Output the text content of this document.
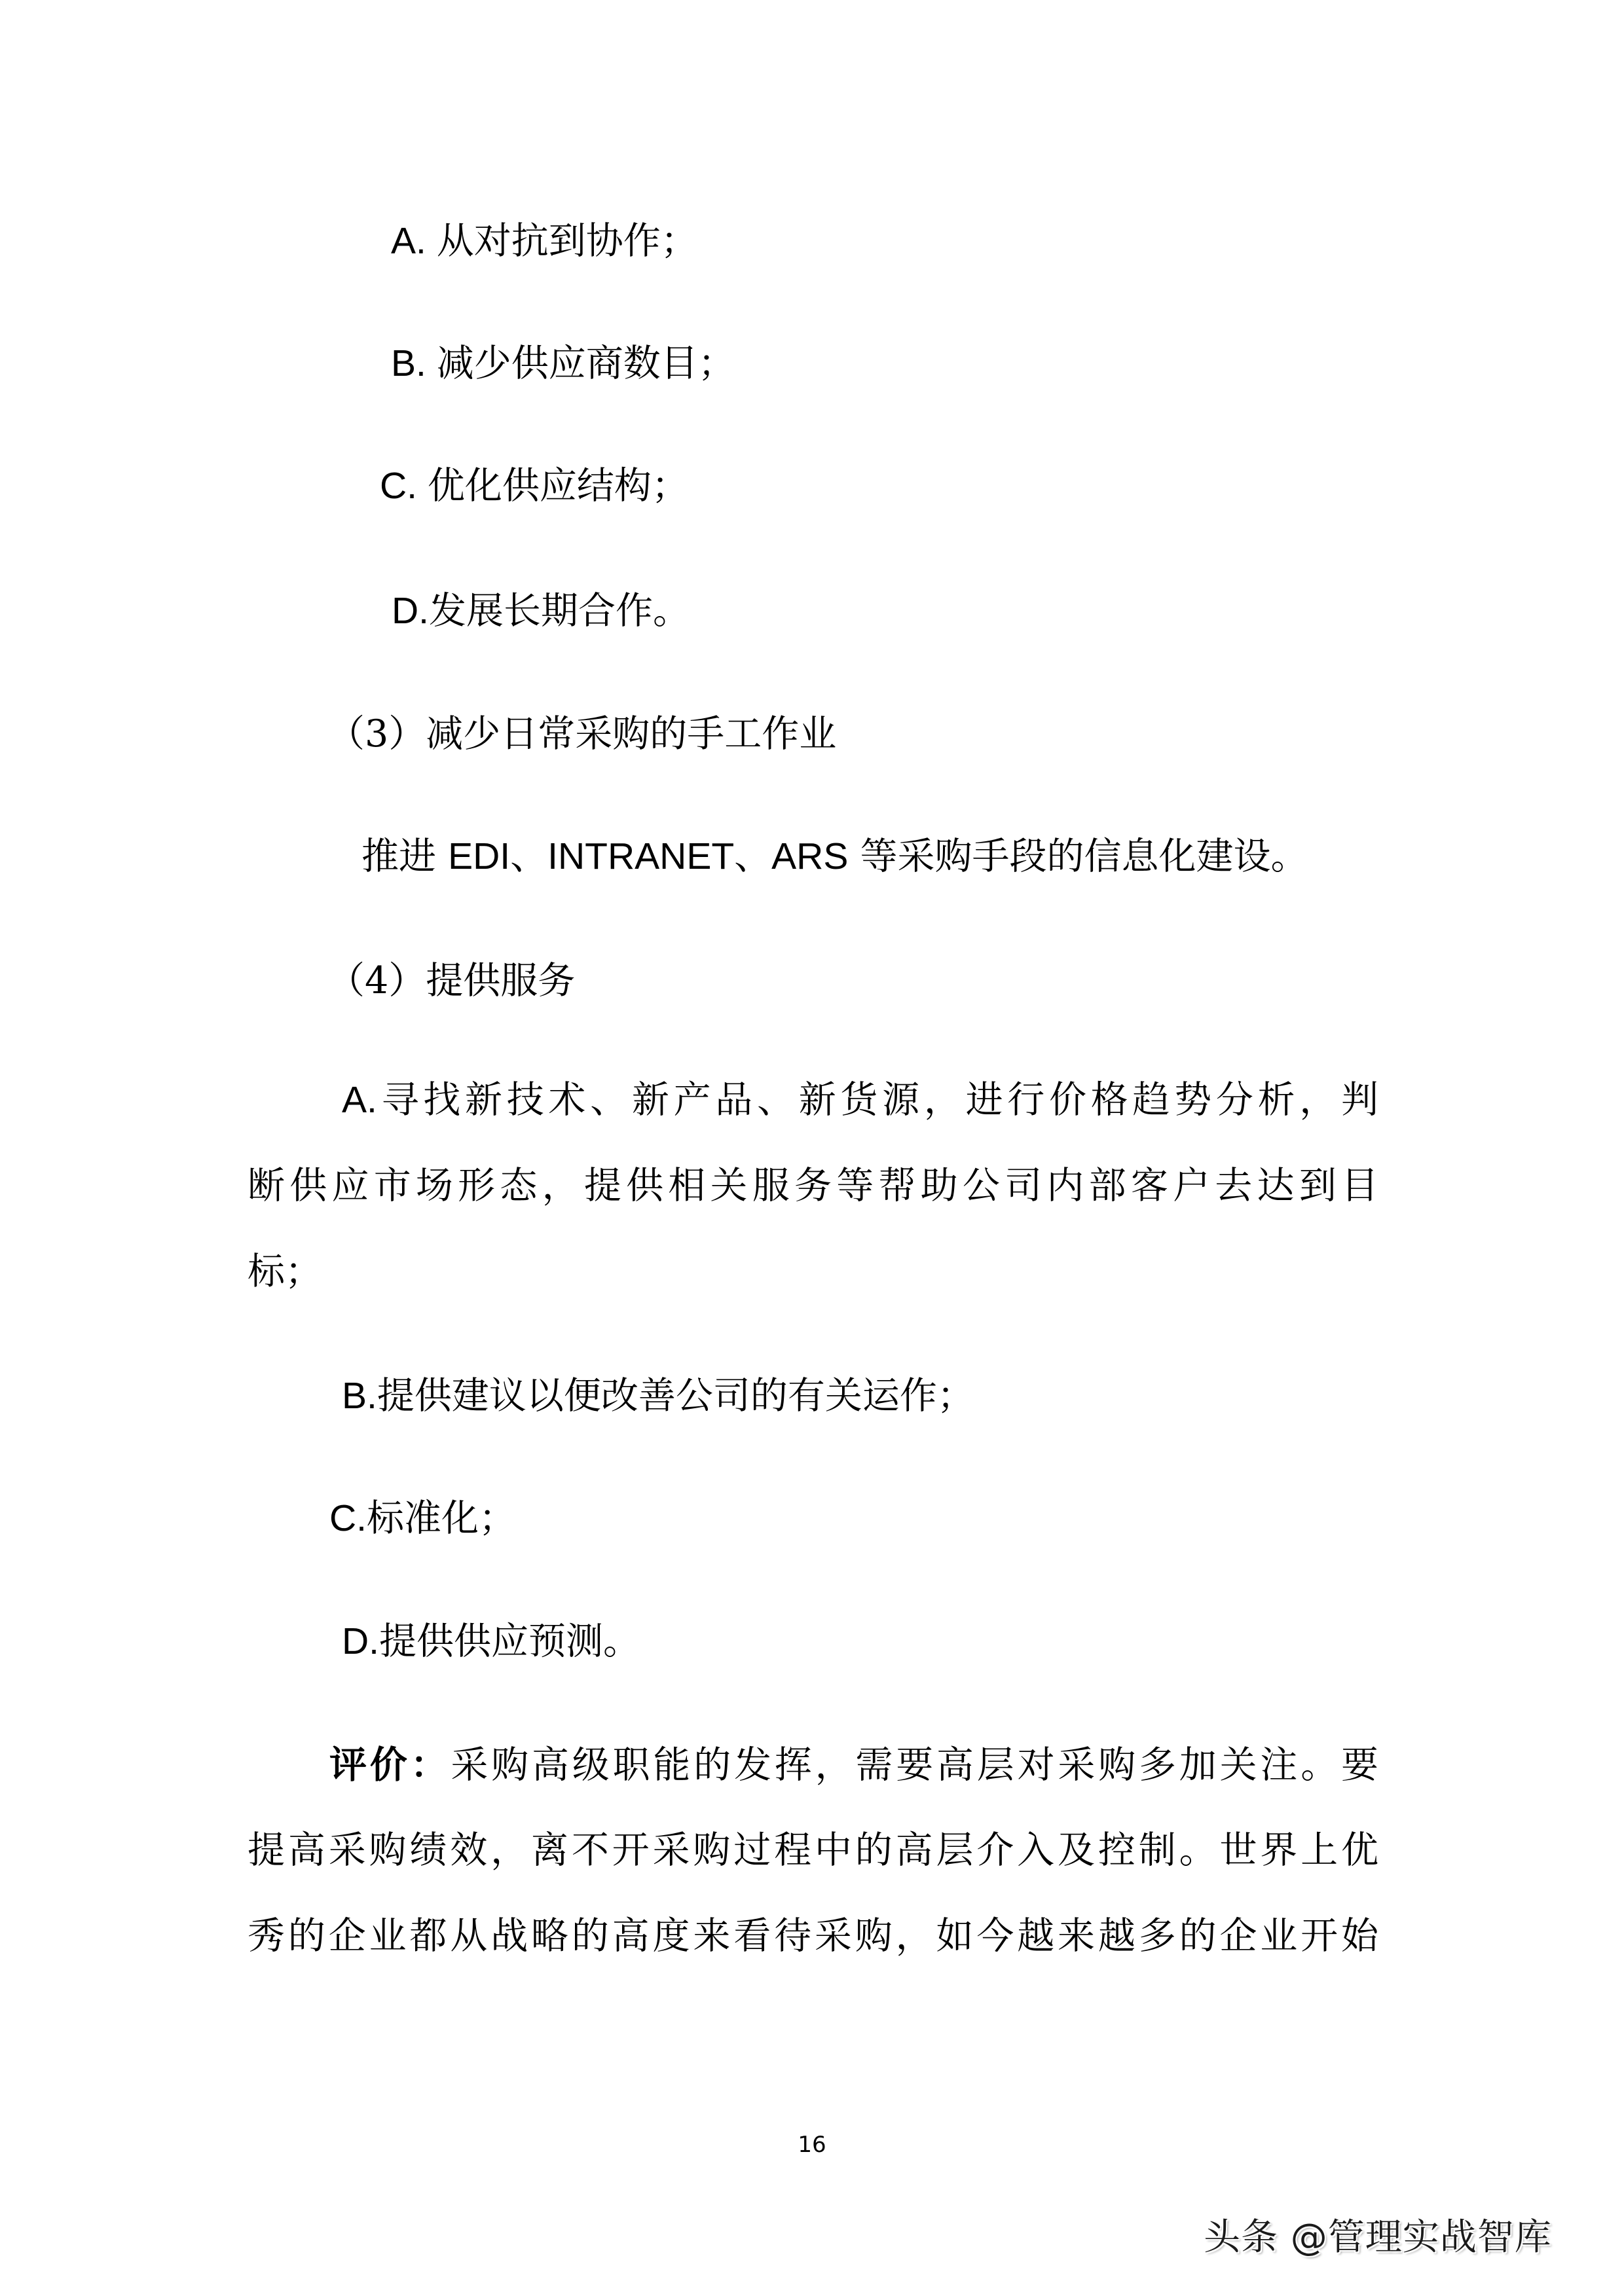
A. 从对抗到协作；
B. 减少供应商数目；
C. 优化供应结构；
D.发展长期合作。
（3）减少日常采购的手工作业
推进 EDI、INTRANET、ARS 等采购手段的信息化建设。
（4）提供服务
A.寻找新技术、新产品、新货源，进行价格趋势分析，判
断供应市场形态，提供相关服务等帮助公司内部客户去达到目
标；
B.提供建议以便改善公司的有关运作；
C.标准化；
D.提供供应预测。
评价：采购高级职能的发挥，需要高层对采购多加关注。要
提高采购绩效，离不开采购过程中的高层介入及控制。世界上优
秀的企业都从战略的高度来看待采购，如今越来越多的企业开始
16
头条 @管理实战智库
